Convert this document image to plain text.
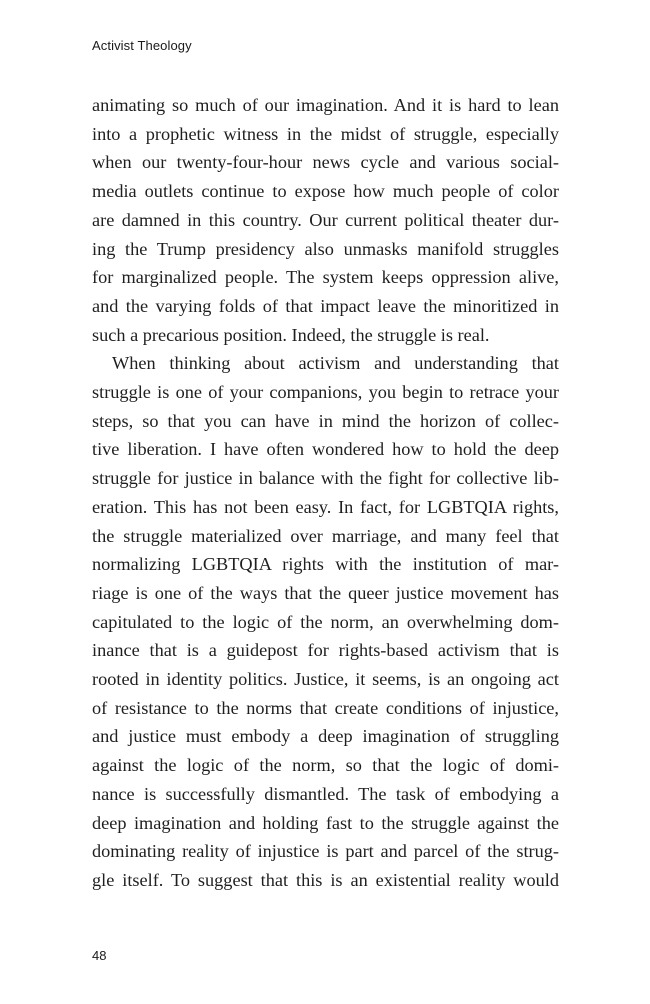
Activist Theology
animating so much of our imagination. And it is hard to lean
into a prophetic witness in the midst of struggle, especially
when our twenty-four-hour news cycle and various social-
media outlets continue to expose how much people of color
are damned in this country. Our current political theater dur-
ing the Trump presidency also unmasks manifold struggles
for marginalized people. The system keeps oppression alive,
and the varying folds of that impact leave the minoritized in
such a precarious position. Indeed, the struggle is real.
When thinking about activism and understanding that
struggle is one of your companions, you begin to retrace your
steps, so that you can have in mind the horizon of collec-
tive liberation. I have often wondered how to hold the deep
struggle for justice in balance with the fight for collective lib-
eration. This has not been easy. In fact, for LGBTQIA rights,
the struggle materialized over marriage, and many feel that
normalizing LGBTQIA rights with the institution of mar-
riage is one of the ways that the queer justice movement has
capitulated to the logic of the norm, an overwhelming dom-
inance that is a guidepost for rights-based activism that is
rooted in identity politics. Justice, it seems, is an ongoing act
of resistance to the norms that create conditions of injustice,
and justice must embody a deep imagination of struggling
against the logic of the norm, so that the logic of domi-
nance is successfully dismantled. The task of embodying a
deep imagination and holding fast to the struggle against the
dominating reality of injustice is part and parcel of the strug-
gle itself. To suggest that this is an existential reality would
48
